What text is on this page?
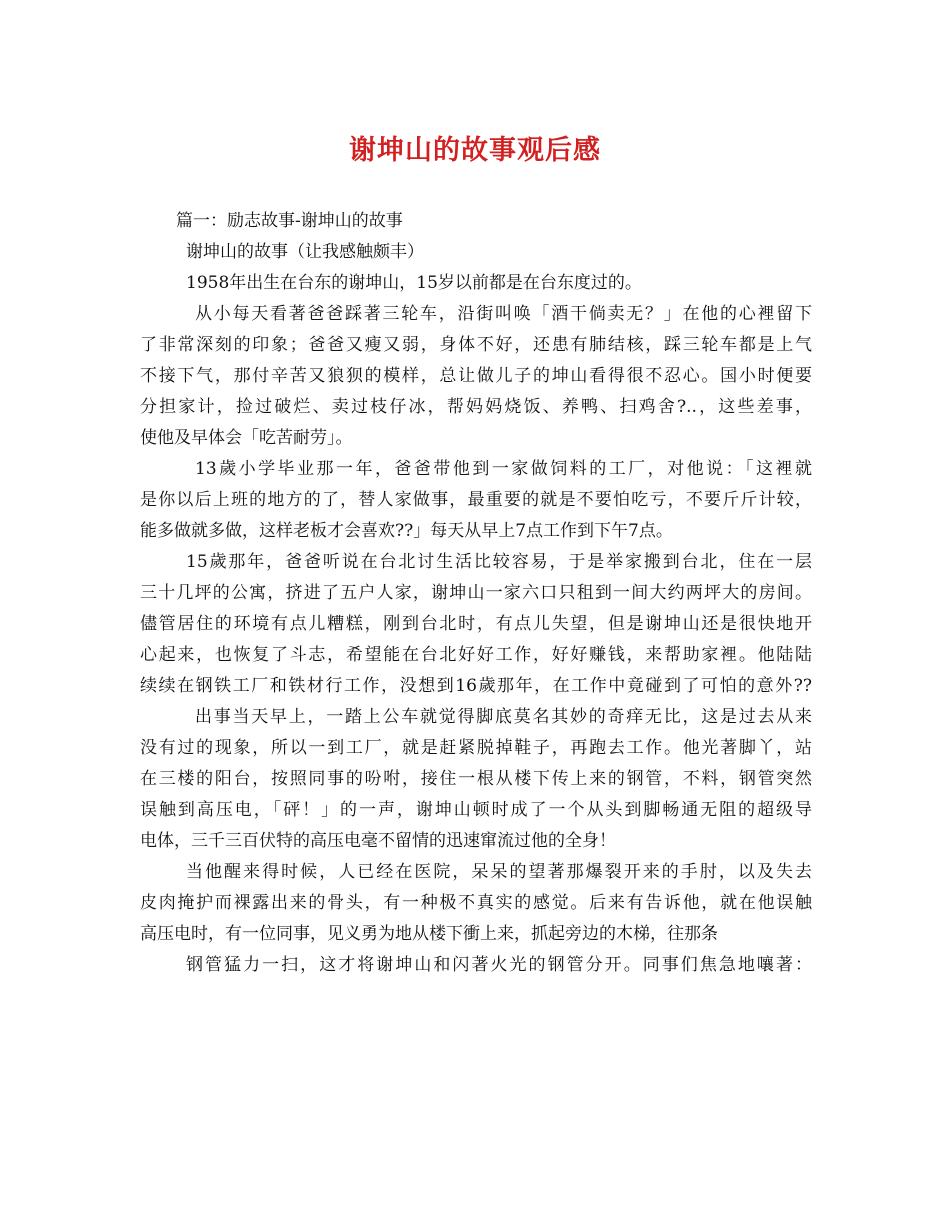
谢坤山的故事观后感

篇一：励志故事-谢坤山的故事

谢坤山的故事（让我感触颇丰）

1958年出生在台东的谢坤山，15岁以前都是在台东度过的。

从小每天看著爸爸踩著三轮车，沿街叫唤「酒干倘卖无？」在他的心裡留下

了非常深刻的印象；爸爸又瘦又弱，身体不好，还患有肺结核，踩三轮车都是上气

不接下气，那付辛苦又狼狈的模样，总让做儿子的坤山看得很不忍心。国小时便要

分担家计，捡过破烂、卖过枝仔冰，帮妈妈烧饭、养鸭、扫鸡舍?..，这些差事，

使他及早体会「吃苦耐劳」。

13歲小学毕业那一年，爸爸带他到一家做饲料的工厂，对他说：「这裡就

是你以后上班的地方的了，替人家做事，最重要的就是不要怕吃亏，不要斤斤计较，

能多做就多做，这样老板才会喜欢??」每天从早上7点工作到下午7点。

15歲那年，爸爸听说在台北讨生活比较容易，于是举家搬到台北，住在一层

三十几坪的公寓，挤进了五户人家，谢坤山一家六口只租到一间大约两坪大的房间。

儘管居住的环境有点儿糟糕，刚到台北时，有点儿失望，但是谢坤山还是很快地开

心起来，也恢复了斗志，希望能在台北好好工作，好好赚钱，来帮助家裡。他陆陆

续续在钢铁工厂和铁材行工作，没想到16歲那年，在工作中竟碰到了可怕的意外??

出事当天早上，一踏上公车就觉得脚底莫名其妙的奇痒无比，这是过去从来

没有过的现象，所以一到工厂，就是赶紧脱掉鞋子，再跑去工作。他光著脚丫，站

在三楼的阳台，按照同事的吩咐，接住一根从楼下传上来的钢管，不料，钢管突然

误触到高压电，「砰！」的一声，谢坤山顿时成了一个从头到脚畅通无阻的超级导

电体，三千三百伏特的高压电毫不留情的迅速窜流过他的全身！

当他醒来得时候，人已经在医院，呆呆的望著那爆裂开来的手肘，以及失去

皮肉掩护而裸露出来的骨头，有一种极不真实的感觉。后来有告诉他，就在他误触

高压电时，有一位同事，见义勇为地从楼下衝上来，抓起旁边的木梯，往那条

钢管猛力一扫，这才将谢坤山和闪著火光的钢管分开。同事们焦急地嚷著：
